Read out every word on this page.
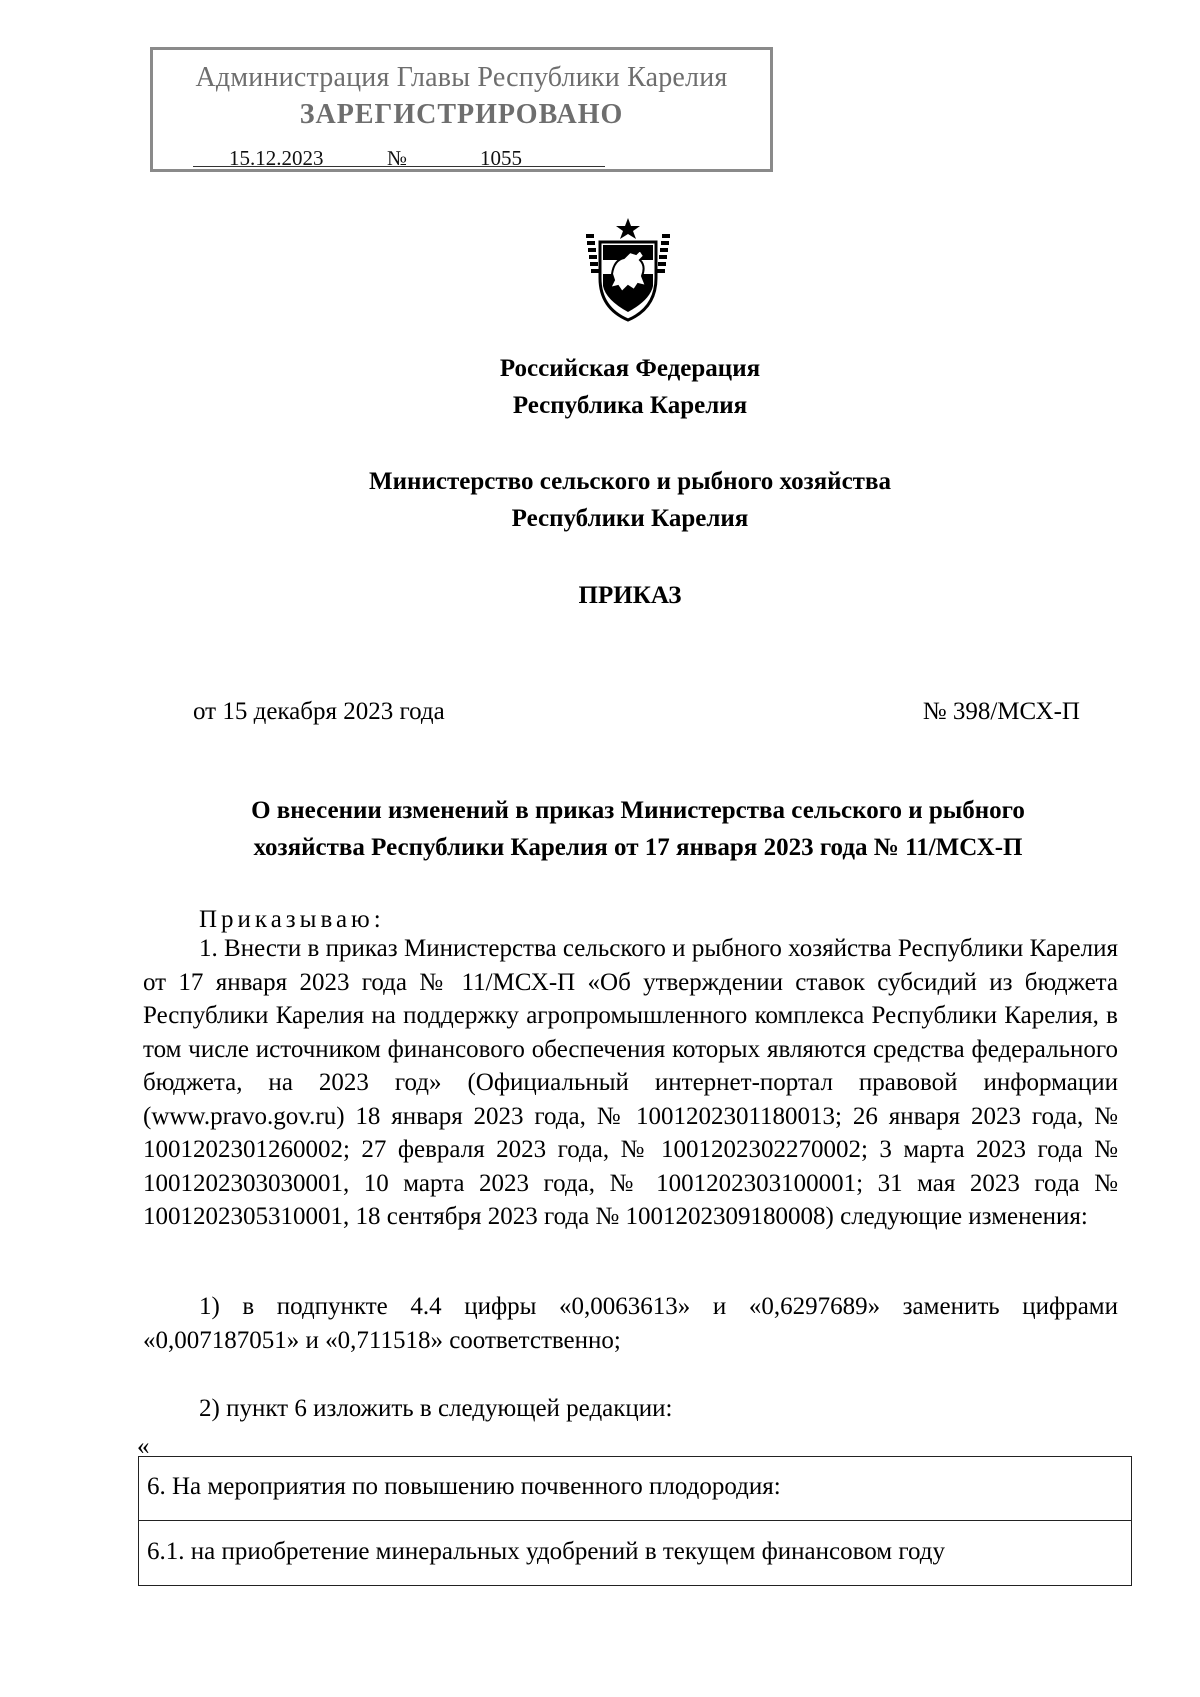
Администрация Главы Республики Карелия
ЗАРЕГИСТРИРОВАНО
15.12.2023	№	1055
Российская Федерация
Республика Карелия
Министерство сельского и рыбного хозяйства
Республики Карелия
ПРИКАЗ
от 15 декабря 2023 года	№ 398/МСХ-П
О внесении изменений в приказ Министерства сельского и рыбного хозяйства Республики Карелия от 17 января 2023 года № 11/МСХ-П
Приказываю:
1. Внести в приказ Министерства сельского и рыбного хозяйства Республики Карелия от 17 января 2023 года № 11/МСХ-П «Об утверждении ставок субсидий из бюджета Республики Карелия на поддержку агропромышленного комплекса Республики Карелия, в том числе источником финансового обеспечения которых являются средства федерального бюджета, на 2023 год» (Официальный интернет-портал правовой информации (www.pravo.gov.ru) 18 января 2023 года, № 1001202301180013; 26 января 2023 года, № 1001202301260002; 27 февраля 2023 года, № 1001202302270002; 3 марта 2023 года № 1001202303030001, 10 марта 2023 года, № 1001202303100001; 31 мая 2023 года № 1001202305310001, 18 сентября 2023 года № 1001202309180008) следующие изменения:
1) в подпункте 4.4 цифры «0,0063613» и «0,6297689» заменить цифрами «0,007187051» и «0,711518» соответственно;
2) пункт 6 изложить в следующей редакции:
«
6. На мероприятия по повышению почвенного плодородия:
6.1. на приобретение минеральных удобрений в текущем финансовом году
